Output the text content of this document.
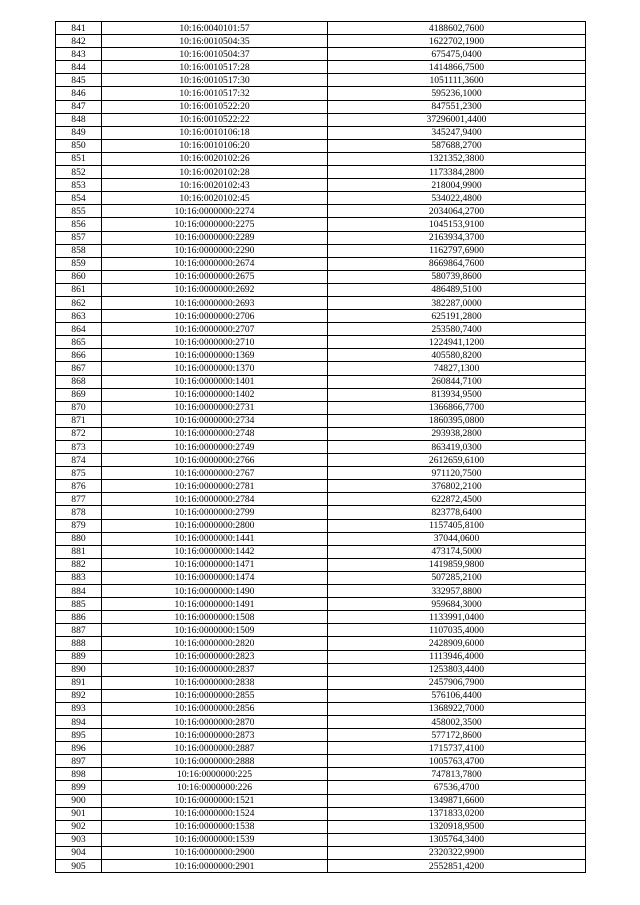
841	10:16:0040101:57	4188602,7600
842	10:16:0010504:35	1622702,1900
843	10:16:0010504:37	675475,0400
844	10:16:0010517:28	1414866,7500
845	10:16:0010517:30	1051111,3600
846	10:16:0010517:32	595236,1000
847	10:16:0010522:20	847551,2300
848	10:16:0010522:22	37296001,4400
849	10:16:0010106:18	345247,9400
850	10:16:0010106:20	587688,2700
851	10:16:0020102:26	1321352,3800
852	10:16:0020102:28	1173384,2800
853	10:16:0020102:43	218004,9900
854	10:16:0020102:45	534022,4800
855	10:16:0000000:2274	2034064,2700
856	10:16:0000000:2275	1045153,9100
857	10:16:0000000:2289	2163934,3700
858	10:16:0000000:2290	1162797,6900
859	10:16:0000000:2674	8669864,7600
860	10:16:0000000:2675	580739,8600
861	10:16:0000000:2692	486489,5100
862	10:16:0000000:2693	382287,0000
863	10:16:0000000:2706	625191,2800
864	10:16:0000000:2707	253580,7400
865	10:16:0000000:2710	1224941,1200
866	10:16:0000000:1369	405580,8200
867	10:16:0000000:1370	74827,1300
868	10:16:0000000:1401	260844,7100
869	10:16:0000000:1402	813934,9500
870	10:16:0000000:2731	1366866,7700
871	10:16:0000000:2734	1860395,0800
872	10:16:0000000:2748	293938,2800
873	10:16:0000000:2749	863419,0300
874	10:16:0000000:2766	2612659,6100
875	10:16:0000000:2767	971120,7500
876	10:16:0000000:2781	376802,2100
877	10:16:0000000:2784	622872,4500
878	10:16:0000000:2799	823778,6400
879	10:16:0000000:2800	1157405,8100
880	10:16:0000000:1441	37044,0600
881	10:16:0000000:1442	473174,5000
882	10:16:0000000:1471	1419859,9800
883	10:16:0000000:1474	507285,2100
884	10:16:0000000:1490	332957,8800
885	10:16:0000000:1491	959684,3000
886	10:16:0000000:1508	1133991,0400
887	10:16:0000000:1509	1107035,4000
888	10:16:0000000:2820	2428909,6000
889	10:16:0000000:2823	1113946,4000
890	10:16:0000000:2837	1253803,4400
891	10:16:0000000:2838	2457906,7900
892	10:16:0000000:2855	576106,4400
893	10:16:0000000:2856	1368922,7000
894	10:16:0000000:2870	458002,3500
895	10:16:0000000:2873	577172,8600
896	10:16:0000000:2887	1715737,4100
897	10:16:0000000:2888	1005763,4700
898	10:16:0000000:225	747813,7800
899	10:16:0000000:226	67536,4700
900	10:16:0000000:1521	1349871,6600
901	10:16:0000000:1524	1371833,0200
902	10:16:0000000:1538	1320918,9500
903	10:16:0000000:1539	1305764,3400
904	10:16:0000000:2900	2320322,9900
905	10:16:0000000:2901	2552851,4200
